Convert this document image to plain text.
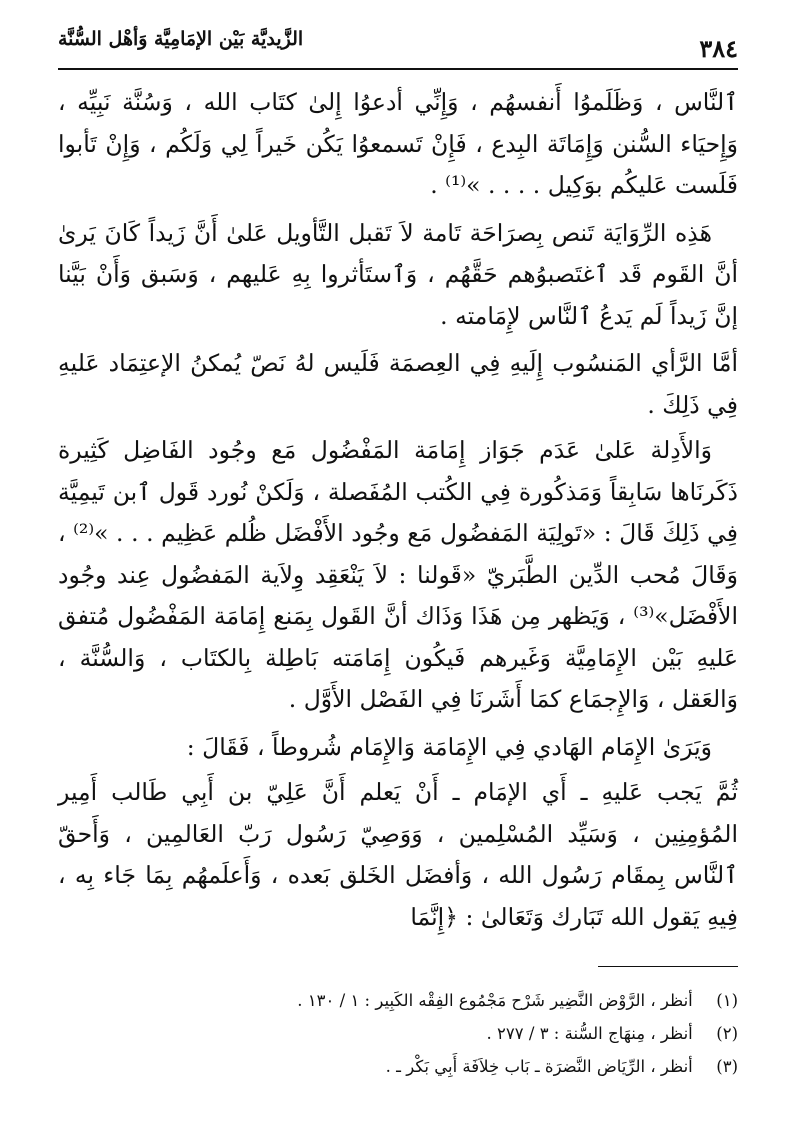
٣٨٤
الزَّيديَّة بَيْن الإمَامِيَّة وَأهْل السُّنَّة

ٱلنَّاس ، وَظَلَموُا أَنفسهُم ، وَإِنِّي أدعوُا إِلىٰ كتَاب الله ، وَسُنَّة نَبِيِّه ، وَإِحيَاء السُّنن وَإِمَاتَة البِدع ، فَإِنْ تَسمعوُا يَكُن خَيراً لِي وَلَكُم ، وَإِنْ تَأبوا فَلَست عَليكُم بوَكِيل . . . . »⁽¹⁾ .

هَذِه الرِّوَايَة تَنص بِصرَاحَة تَامة لاَ تَقبل التَّأويل عَلىٰ أَنَّ زَيداً كَانَ يَرىٰ أنَّ القَوم قَد ٱغتَصبوُهم حَقَّهُم ، وَٱستَأثروا بِهِ عَليهم ، وَسَبق وَأَنْ بَيَّنا إنَّ زَيداً لَم يَدعُ ٱلنَّاس لإِمَامته .

أمَّا الرَّأي المَنسُوب إِلَيهِ فِي العِصمَة فَلَيس لهُ نَصّ يُمكنُ الإعتِمَاد عَليهِ فِي ذَلِكَ .

وَالأَدِلة عَلىٰ عَدَم جَوَاز إِمَامَة المَفْضُول مَع وجُود الفَاضِل كَثِيرة ذَكَرنَاها سَابِقاً وَمَذكُورة فِي الكُتب المُفَصلة ، وَلَكنْ نُورد قَول ٱبن تَيمِيَّة فِي ذَلِكَ قَالَ : «تَولِيَة المَفضُول مَع وجُود الأَفْضَل ظُلم عَظِيم . . . »⁽²⁾ ، وَقَالَ مُحب الدِّين الطَّبَريّ «قَولنا : لاَ يَنْعَقِد وِلاَية المَفضُول عِند وجُود الأَفْضَل»⁽³⁾ ، وَيَظهر مِن هَذَا وَذَاك أنَّ القَول بِمَنع إِمَامَة المَفْضُول مُتفق عَليهِ بَيْن الإِمَامِيَّة وَغَيرهم فَيكُون إِمَامَته بَاطِلة بِالكتَاب ، وَالسُّنَّة ، وَالعَقل ، وَالإِجمَاع كمَا أَشَرنَا فِي الفَصْل الأَوَّل .

وَيَرَىٰ الإِمَام الهَادي فِي الإِمَامَة وَالإِمَام شُروطاً ، فَقَالَ :

ثُمَّ يَجب عَليهِ ـ أَي الإمَام ـ أَنْ يَعلم أَنَّ عَلِيّ بن أَبِي طَالب أَمِير المُؤمِنِين ، وَسَيِّد المُسْلِمين ، وَوَصِيّ رَسُول رَبّ العَالمِين ، وَأَحقّ ٱلنَّاس بِمقَام رَسُول الله ، وَأفضَل الخَلق بَعده ، وَأَعلَمهُم بِمَا جَاء بِه ، فِيهِ يَقول الله تَبَارك وَتَعَالىٰ : ﴿إِنَّمَا

(١) أنظر ، الرَّوْض النَّضِير شَرْح مَجْمُوع الفِقْه الكَبِير : ١ / ١٣٠ .

(٢) أنظر ، مِنهَاج السُّنة : ٣ / ٢٧٧ .

(٣) أنظر ، الرِّيَاض النَّضرَة ـ بَاب خِلاَفَة أَبِي بَكْر ـ .
